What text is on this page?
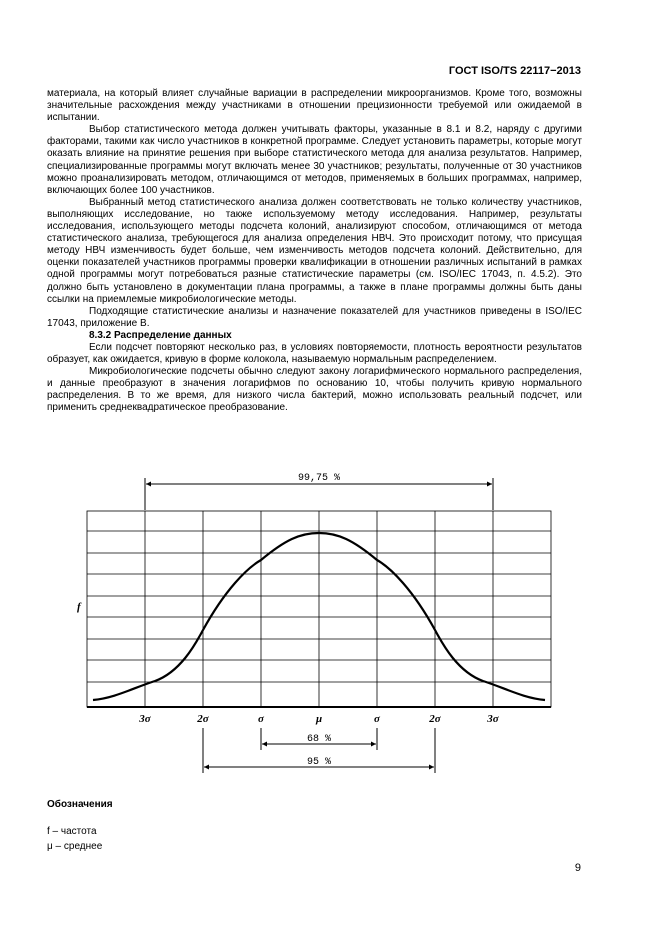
ГОСТ ISO/TS 22117−2013

материала, на который влияет случайные вариации в распределении микроорганизмов. Кроме того, возможны значительные расхождения между участниками в отношении прецизионности требуемой или ожидаемой в испытании.

Выбор статистического метода должен учитывать факторы, указанные в 8.1 и 8.2, наряду с другими факторами, такими как число участников в конкретной программе. Следует установить параметры, которые могут оказать влияние на принятие решения при выборе статистического метода для анализа результатов. Например, специализированные программы могут включать менее 30 участников; результаты, полученные от 30 участников можно проанализировать методом, отличающимся от методов, применяемых в больших программах, например, включающих более 100 участников.

Выбранный метод статистического анализа должен соответствовать не только количеству участников, выполняющих исследование, но также используемому методу исследования. Например, результаты исследования, использующего методы подсчета колоний, анализируют способом, отличающимся от метода статистического анализа, требующегося для анализа определения НВЧ. Это происходит потому, что присущая методу НВЧ изменчивость будет больше, чем изменчивость методов подсчета колоний. Действительно, для оценки показателей участников программы проверки квалификации в отношении различных испытаний в рамках одной программы могут потребоваться разные статистические параметры (см. ISO/IEC 17043, п. 4.5.2). Это должно быть установлено в документации плана программы, а также в плане программы должны быть даны ссылки на приемлемые микробиологические методы.

Подходящие статистические анализы и назначение показателей для участников приведены в ISO/IEC 17043, приложение B.

8.3.2 Распределение данных

Если подсчет повторяют несколько раз, в условиях повторяемости, плотность вероятности результатов образует, как ожидается, кривую в форме колокола, называемую нормальным распределением.

Микробиологические подсчеты обычно следуют закону логарифмического нормального распределения, и данные преобразуют в значения логарифмов по основанию 10, чтобы получить кривую нормального распределения. В то же время, для низкого числа бактерий, можно использовать реальный подсчет, или применить среднеквадратическое преобразование.

99,75 %
f
3σ	2σ	σ	μ	σ	2σ	3σ
68 %
95 %
Обозначения
f – частота
μ – среднее
9
